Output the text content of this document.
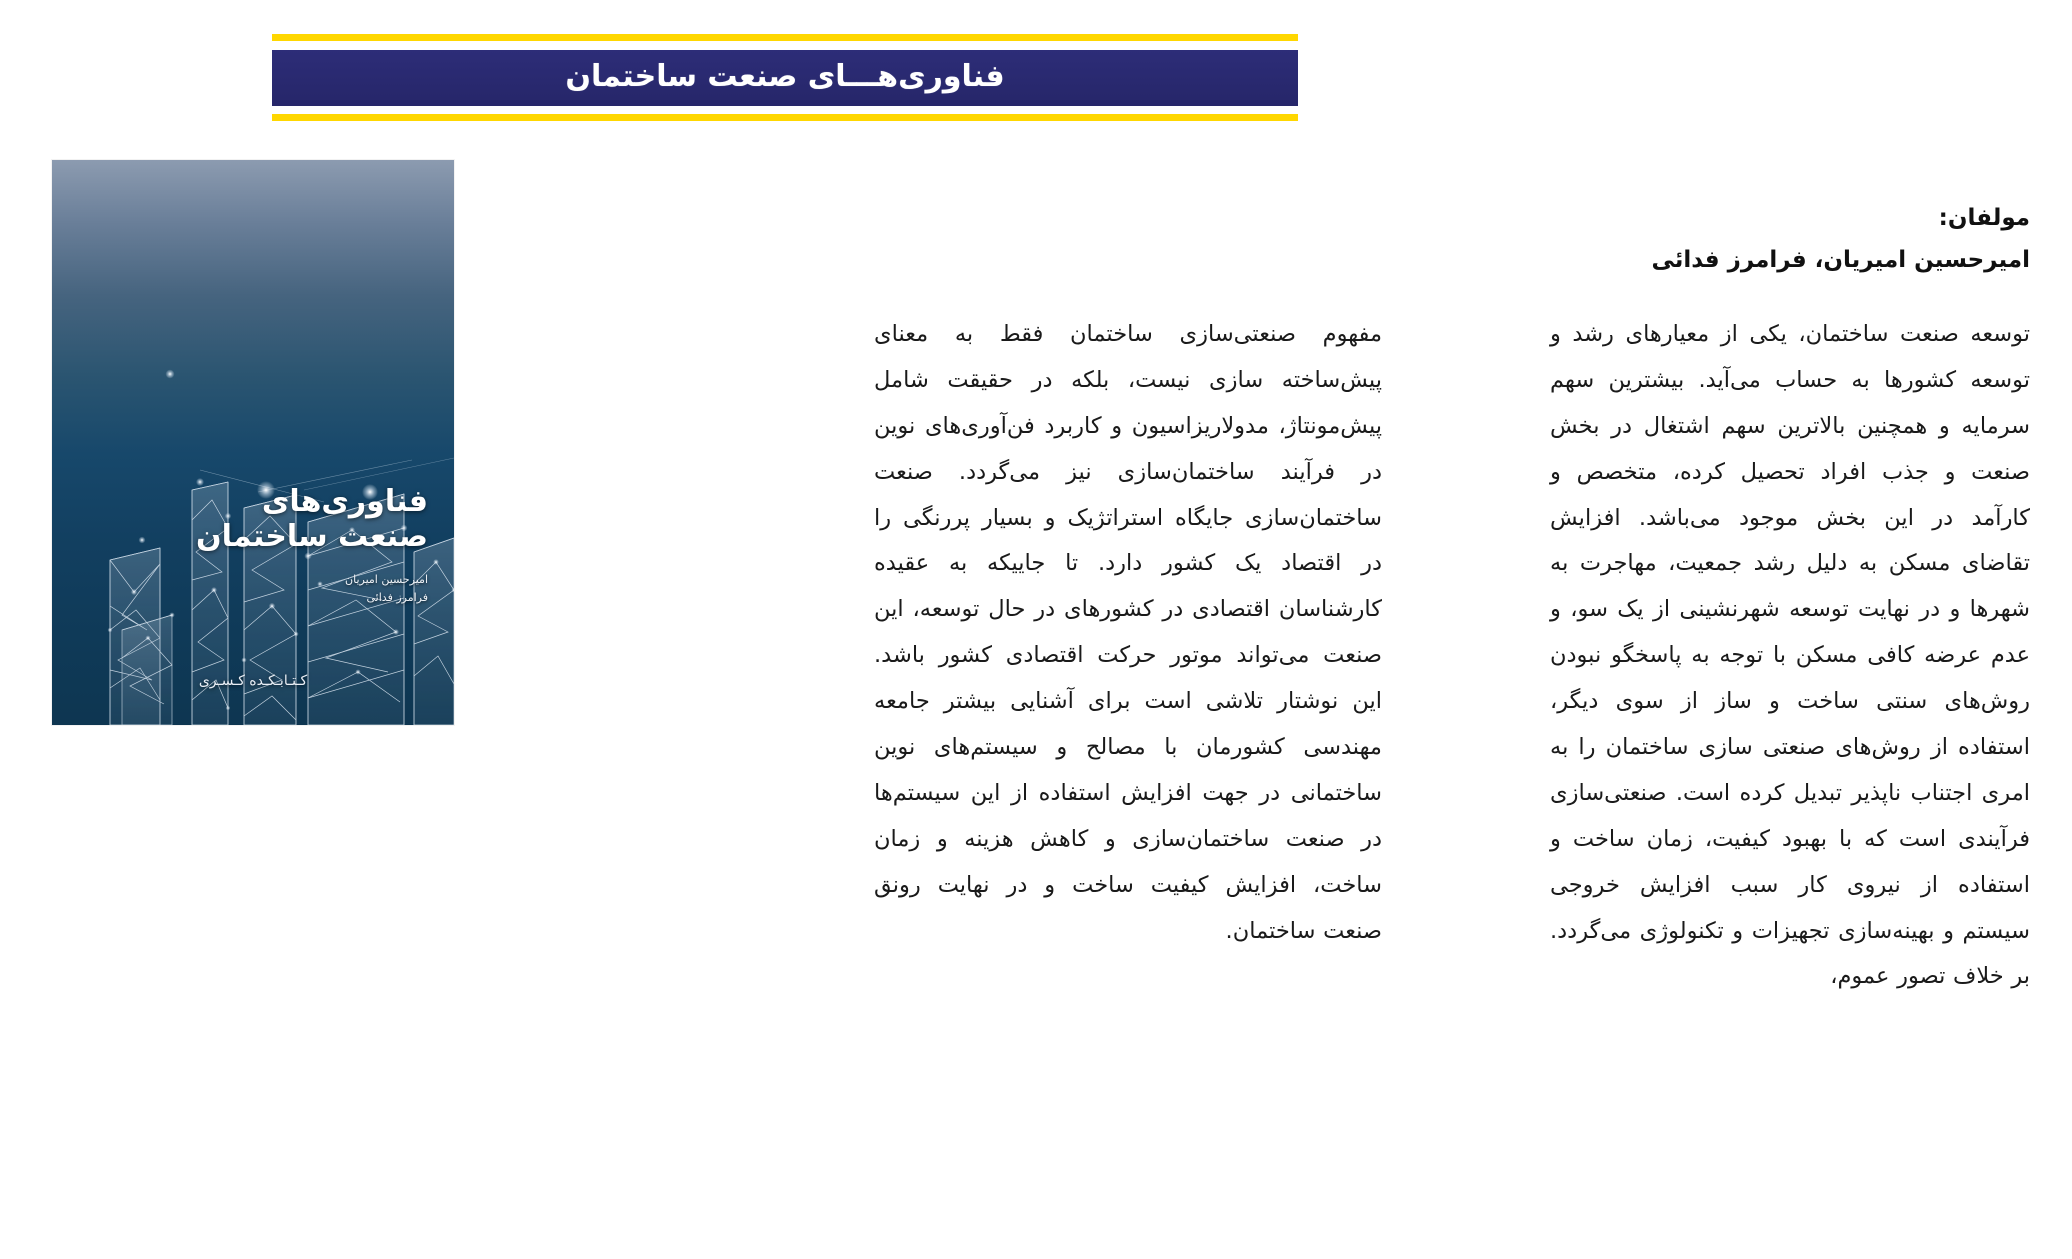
فناوری‌هـــای صنعت ساختمان
فناوری‌های
صنعت ساختمان
امیرحسین امیریان
فرامرز فدائی
کـتـابـکـده کـسـری
مولفان:
امیرحسین امیریان، فرامرز فدائی

توسعه صنعت ساختمان، یکی از معیارهای رشد و توسعه کشورها به حساب می‌آید. بیشترین سهم سرمایه و همچنین بالاترین سهم اشتغال در بخش صنعت و جذب افراد تحصیل کرده، متخصص و کارآمد در این بخش موجود می‌باشد. افزایش تقاضای مسکن به دلیل رشد جمعیت، مهاجرت به شهرها و در نهایت توسعه شهرنشینی از یک سو، و عدم عرضه کافی مسکن با توجه به پاسخگو نبودن روش‌های سنتی ساخت و ساز از سوی دیگر، استفاده از روش‌های صنعتی سازی ساختمان را به امری اجتناب ناپذیر تبدیل کرده است. صنعتی‌سازی فرآیندی است که با بهبود کیفیت، زمان ساخت و استفاده از نیروی کار سبب افزایش خروجی سیستم و بهینه‌سازی تجهیزات و تکنولوژی می‌گردد. بر خلاف تصور عموم،

مفهوم صنعتی‌سازی ساختمان فقط به معنای پیش‌ساخته سازی نیست، بلکه در حقیقت شامل پیش‌مونتاژ، مدولاریزاسیون و کاربرد فن‌آوری‌های نوین در فرآیند ساختمان‌سازی نیز می‌گردد. صنعت ساختمان‌سازی جایگاه استراتژیک و بسیار پررنگی را در اقتصاد یک کشور دارد. تا جاییکه به عقیده کارشناسان اقتصادی در کشورهای در حال توسعه، این صنعت می‌تواند موتور حرکت اقتصادی کشور باشد. این نوشتار تلاشی است برای آشنایی بیشتر جامعه مهندسی کشورمان با مصالح و سیستم‌های نوین ساختمانی در جهت افزایش استفاده از این سیستم‌ها در صنعت ساختمان‌سازی و کاهش هزینه و زمان ساخت، افزایش کیفیت ساخت و در نهایت رونق صنعت ساختمان.
